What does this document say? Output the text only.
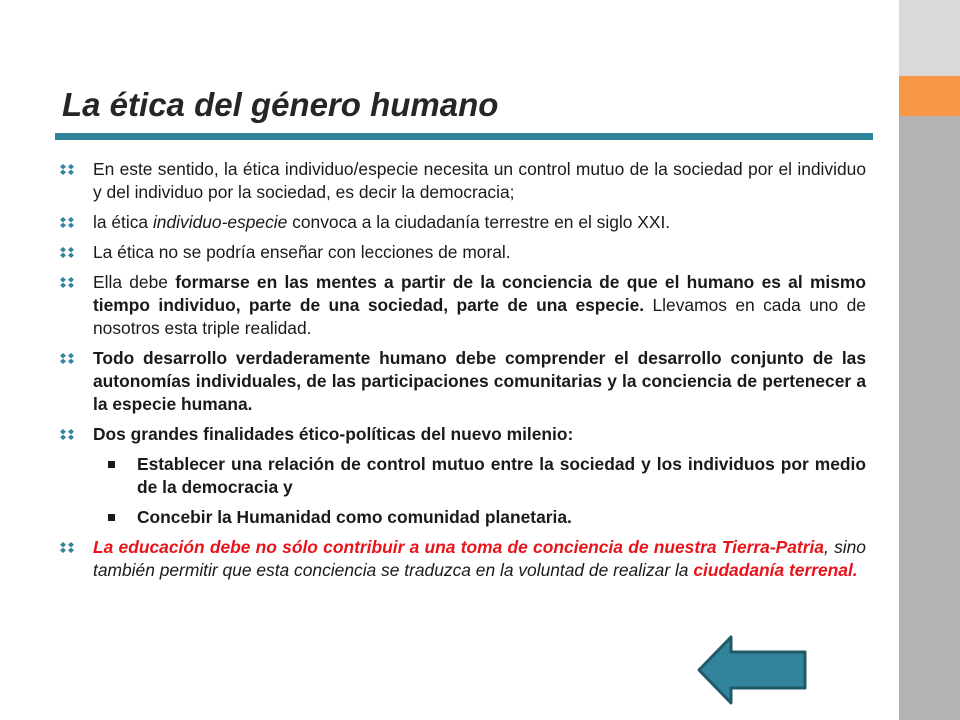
La ética del género humano
En este sentido, la ética individuo/especie necesita un control mutuo de la sociedad por el individuo y del individuo por la sociedad, es decir la democracia;
la ética individuo-especie convoca a la ciudadanía terrestre en el siglo XXI.
La ética no se podría enseñar con lecciones de moral.
Ella debe formarse en las mentes a partir de la conciencia de que el humano es al mismo tiempo individuo, parte de una sociedad, parte de una especie. Llevamos en cada uno de nosotros esta triple realidad.
Todo desarrollo verdaderamente humano debe comprender el desarrollo conjunto de las autonomías individuales, de las participaciones comunitarias y la conciencia de pertenecer a la especie humana.
Dos grandes finalidades ético-políticas del nuevo milenio:
Establecer una relación de control mutuo entre la sociedad y los individuos por medio de la democracia y
Concebir la Humanidad como comunidad planetaria.
La educación debe no sólo contribuir a una toma de conciencia de nuestra Tierra-Patria, sino también permitir que esta conciencia se traduzca en la voluntad de realizar la ciudadanía terrenal.
